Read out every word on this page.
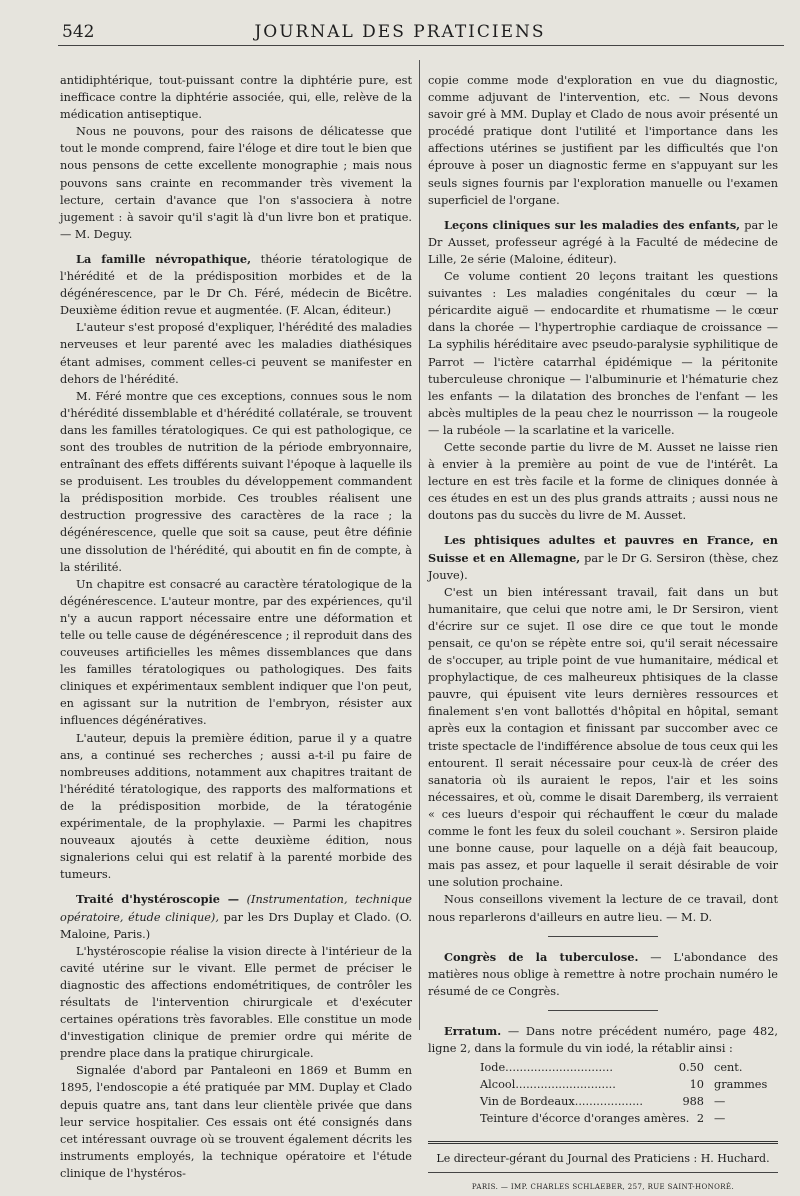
542	JOURNAL DES PRATICIENS

antidiphtérique, tout-puissant contre la diphtérie pure, est inefficace contre la diphtérie associée, qui, elle, relève de la médication antiseptique.

Nous ne pouvons, pour des raisons de délicatesse que tout le monde comprend, faire l'éloge et dire tout le bien que nous pensons de cette excellente monographie ; mais nous pouvons sans crainte en recommander très vivement la lecture, certain d'avance que l'on s'associera à notre jugement : à savoir qu'il s'agit là d'un livre bon et pratique. — M. Deguy.

La famille névropathique, théorie tératologique de l'hérédité et de la prédisposition morbides et de la dégénérescence, par le Dr Ch. Féré, médecin de Bicêtre. Deuxième édition revue et augmentée. (F. Alcan, éditeur.)

L'auteur s'est proposé d'expliquer, l'hérédité des maladies nerveuses et leur parenté avec les maladies diathésiques étant admises, comment celles-ci peuvent se manifester en dehors de l'hérédité.

M. Féré montre que ces exceptions, connues sous le nom d'hérédité dissemblable et d'hérédité collatérale, se trouvent dans les familles tératologiques. Ce qui est pathologique, ce sont des troubles de nutrition de la période embryonnaire, entraînant des effets différents suivant l'époque à laquelle ils se produisent. Les troubles du développement commandent la prédisposition morbide. Ces troubles réalisent une destruction progressive des caractères de la race ; la dégénérescence, quelle que soit sa cause, peut être définie une dissolution de l'hérédité, qui aboutit en fin de compte, à la stérilité.

Un chapitre est consacré au caractère tératologique de la dégénérescence. L'auteur montre, par des expériences, qu'il n'y a aucun rapport nécessaire entre une déformation et telle ou telle cause de dégénérescence ; il reproduit dans des couveuses artificielles les mêmes dissemblances que dans les familles tératologiques ou pathologiques. Des faits cliniques et expérimentaux semblent indiquer que l'on peut, en agissant sur la nutrition de l'embryon, résister aux influences dégénératives.

L'auteur, depuis la première édition, parue il y a quatre ans, a continué ses recherches ; aussi a-t-il pu faire de nombreuses additions, notamment aux chapitres traitant de l'hérédité tératologique, des rapports des malformations et de la prédisposition morbide, de la tératogénie expérimentale, de la prophylaxie. — Parmi les chapitres nouveaux ajoutés à cette deuxième édition, nous signalerions celui qui est relatif à la parenté morbide des tumeurs.

Traité d'hystéroscopie — (Instrumentation, technique opératoire, étude clinique), par les Drs Duplay et Clado. (O. Maloine, Paris.)

L'hystéroscopie réalise la vision directe à l'intérieur de la cavité utérine sur le vivant. Elle permet de préciser le diagnostic des affections endométritiques, de contrôler les résultats de l'intervention chirurgicale et d'exécuter certaines opérations très favorables. Elle constitue un mode d'investigation clinique de premier ordre qui mérite de prendre place dans la pratique chirurgicale.

Signalée d'abord par Pantaleoni en 1869 et Bumm en 1895, l'endoscopie a été pratiquée par MM. Duplay et Clado depuis quatre ans, tant dans leur clientèle privée que dans leur service hospitalier. Ces essais ont été consignés dans cet intéressant ouvrage où se trouvent également décrits les instruments employés, la technique opératoire et l'étude clinique de l'hystéros-

copie comme mode d'exploration en vue du diagnostic, comme adjuvant de l'intervention, etc. — Nous devons savoir gré à MM. Duplay et Clado de nous avoir présenté un procédé pratique dont l'utilité et l'importance dans les affections utérines se justifient par les difficultés que l'on éprouve à poser un diagnostic ferme en s'appuyant sur les seuls signes fournis par l'exploration manuelle ou l'examen superficiel de l'organe.

Leçons cliniques sur les maladies des enfants, par le Dr Ausset, professeur agrégé à la Faculté de médecine de Lille, 2e série (Maloine, éditeur).

Ce volume contient 20 leçons traitant les questions suivantes : Les maladies congénitales du cœur — la péricardite aiguë — endocardite et rhumatisme — le cœur dans la chorée — l'hypertrophie cardiaque de croissance — La syphilis héréditaire avec pseudo-paralysie syphilitique de Parrot — l'ictère catarrhal épidémique — la péritonite tuberculeuse chronique — l'albuminurie et l'hématurie chez les enfants — la dilatation des bronches de l'enfant — les abcès multiples de la peau chez le nourrisson — la rougeole — la rubéole — la scarlatine et la varicelle.

Cette seconde partie du livre de M. Ausset ne laisse rien à envier à la première au point de vue de l'intérêt. La lecture en est très facile et la forme de cliniques donnée à ces études en est un des plus grands attraits ; aussi nous ne doutons pas du succès du livre de M. Ausset.

Les phtisiques adultes et pauvres en France, en Suisse et en Allemagne, par le Dr G. Sersiron (thèse, chez Jouve).

C'est un bien intéressant travail, fait dans un but humanitaire, que celui que notre ami, le Dr Sersiron, vient d'écrire sur ce sujet. Il ose dire ce que tout le monde pensait, ce qu'on se répète entre soi, qu'il serait nécessaire de s'occuper, au triple point de vue humanitaire, médical et prophylactique, de ces malheureux phtisiques de la classe pauvre, qui épuisent vite leurs dernières ressources et finalement s'en vont ballottés d'hôpital en hôpital, semant après eux la contagion et finissant par succomber avec ce triste spectacle de l'indifférence absolue de tous ceux qui les entourent. Il serait nécessaire pour ceux-là de créer des sanatoria où ils auraient le repos, l'air et les soins nécessaires, et où, comme le disait Daremberg, ils verraient « ces lueurs d'espoir qui réchauffent le cœur du malade comme le font les feux du soleil couchant ». Sersiron plaide une bonne cause, pour laquelle on a déjà fait beaucoup, mais pas assez, et pour laquelle il serait désirable de voir une solution prochaine.

Nous conseillons vivement la lecture de ce travail, dont nous reparlerons d'ailleurs en autre lieu. — M. D.

Congrès de la tuberculose. — L'abondance des matières nous oblige à remettre à notre prochain numéro le résumé de ce Congrès.

Erratum. — Dans notre précédent numéro, page 482, ligne 2, dans la formule du vin iodé, la rétablir ainsi :

Iode..............................	0.50 cent.
Alcool............................	10 grammes
Vin de Bordeaux...................	988 —
Teinture d'écorce d'oranges amères. 2 —

Le directeur-gérant du Journal des Praticiens : H. Huchard.

PARIS. — IMP. CHARLES SCHLAEBER, 257, RUE SAINT-HONORÉ.
